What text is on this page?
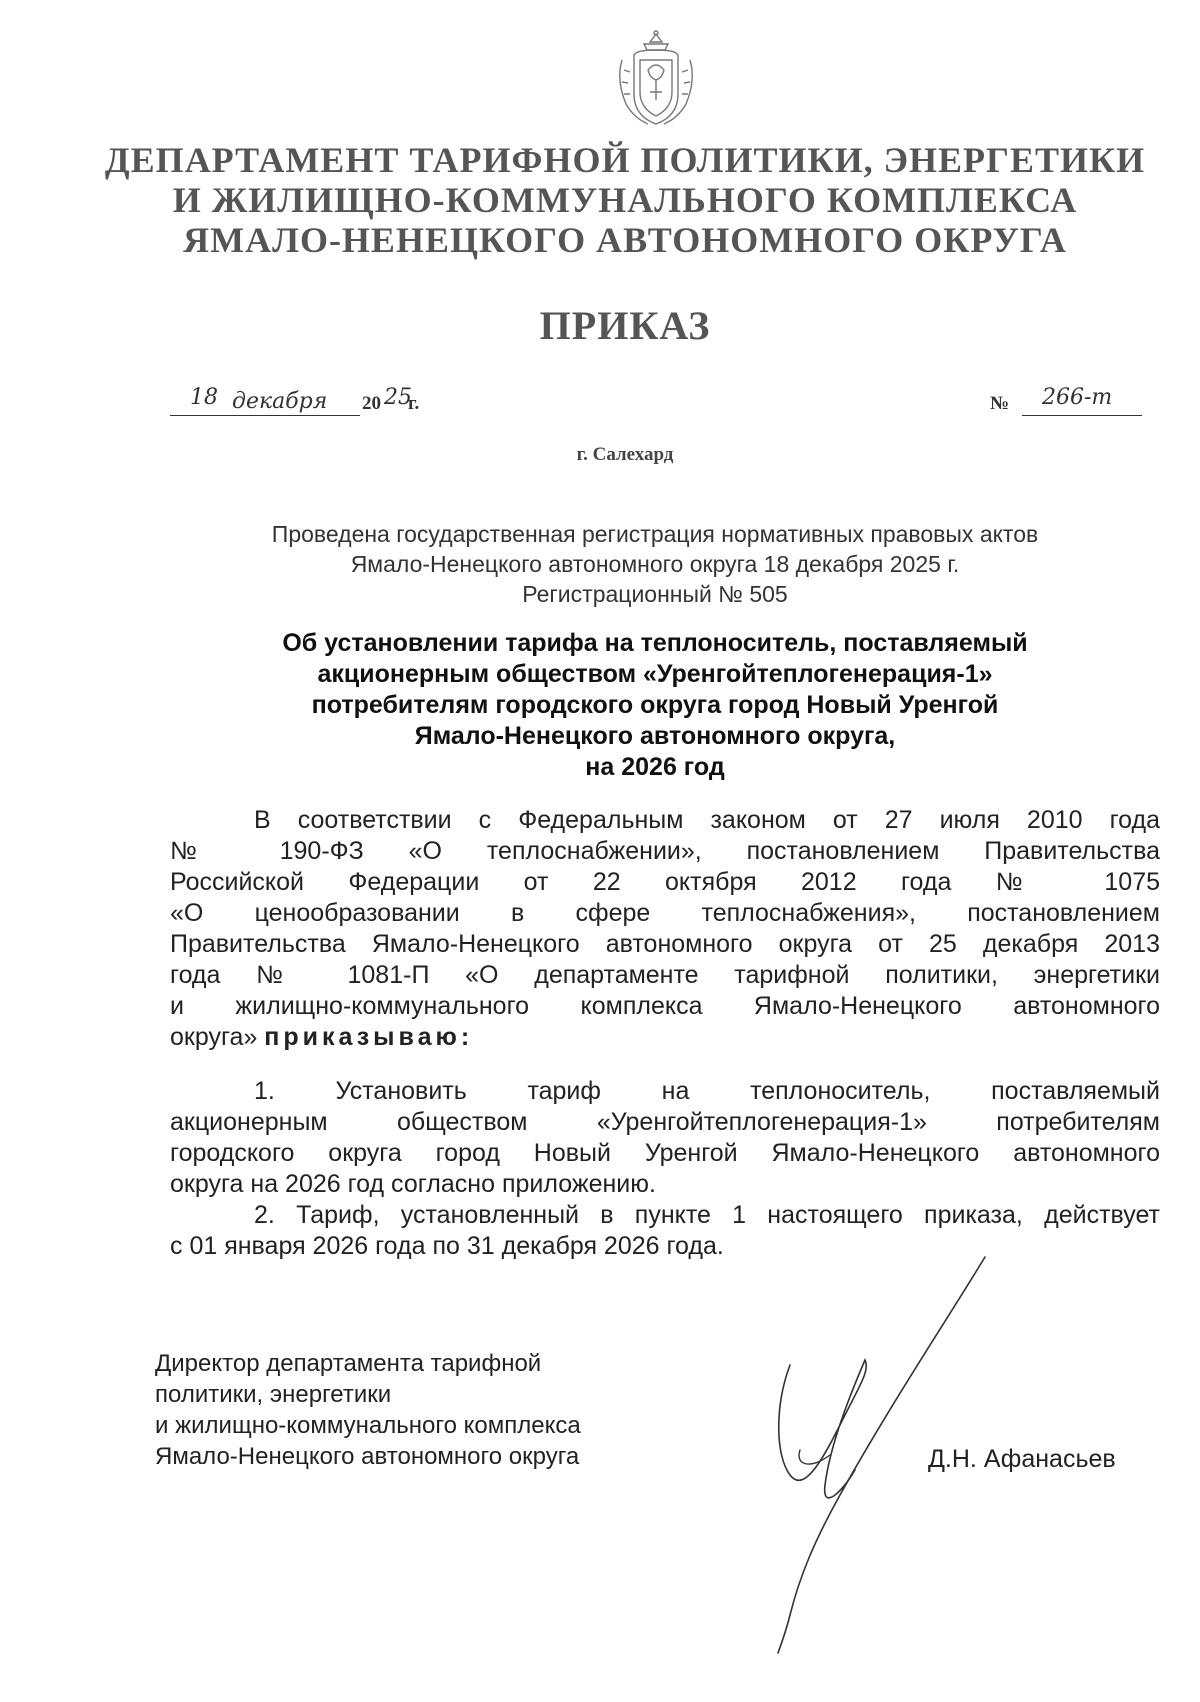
ДЕПАРТАМЕНТ ТАРИФНОЙ ПОЛИТИКИ, ЭНЕРГЕТИКИ
И ЖИЛИЩНО-КОММУНАЛЬНОГО КОМПЛЕКСА
ЯМАЛО-НЕНЕЦКОГО АВТОНОМНОГО ОКРУГА
ПРИКАЗ
18 декабря 20 25
г.	№ 266-т
г. Салехард
Проведена государственная регистрация нормативных правовых актов
Ямало-Ненецкого автономного округа 18 декабря 2025 г.
Регистрационный № 505
Об установлении тарифа на теплоноситель, поставляемый
акционерным обществом «Уренгойтеплогенерация-1»
потребителям городского округа город Новый Уренгой
Ямало-Ненецкого автономного округа,
на 2026 год
В соответствии с Федеральным законом от 27 июля 2010 года
№ 190-ФЗ «О теплоснабжении», постановлением Правительства
Российской Федерации от 22 октября 2012 года № 1075
«О ценообразовании в сфере теплоснабжения», постановлением
Правительства Ямало-Ненецкого автономного округа от 25 декабря 2013
года № 1081-П «О департаменте тарифной политики, энергетики
и жилищно-коммунального комплекса Ямало-Ненецкого автономного
округа» приказываю:
1. Установить тариф на теплоноситель, поставляемый
акционерным обществом «Уренгойтеплогенерация-1» потребителям
городского округа город Новый Уренгой Ямало-Ненецкого автономного
округа на 2026 год согласно приложению.
2. Тариф, установленный в пункте 1 настоящего приказа, действует
с 01 января 2026 года по 31 декабря 2026 года.
Директор департамента тарифной
политики, энергетики
и жилищно-коммунального комплекса
Ямало-Ненецкого автономного округа	Д.Н. Афанасьев
